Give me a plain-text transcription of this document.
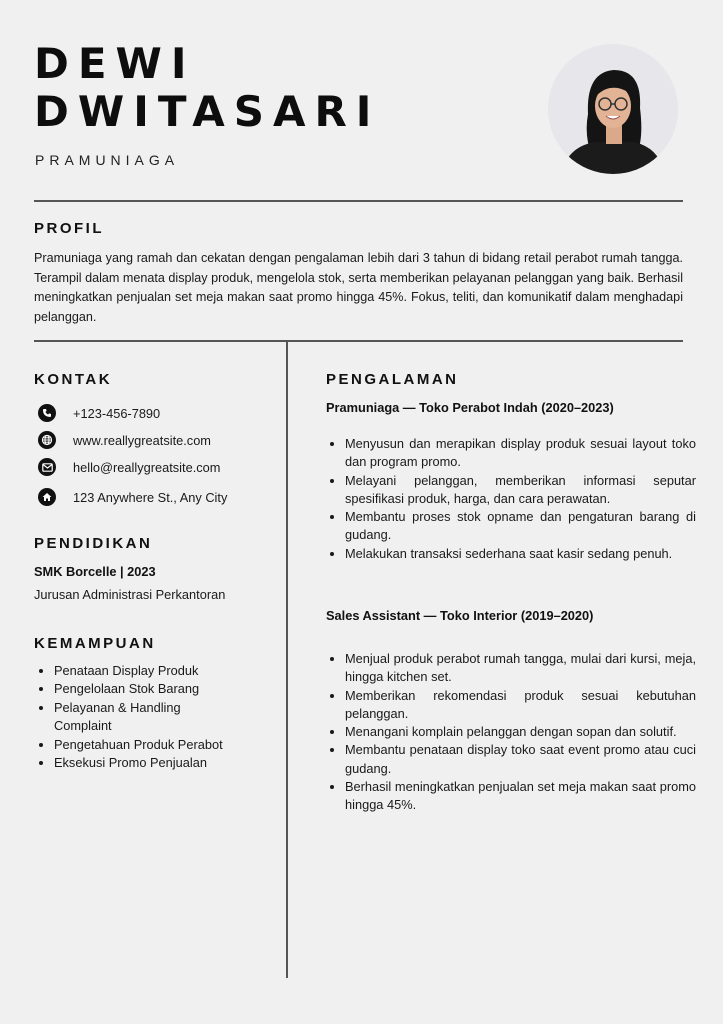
DEWI
DWITASARI
PRAMUNIAGA
PROFIL
Pramuniaga yang ramah dan cekatan dengan pengalaman lebih dari 3 tahun di bidang retail perabot rumah tangga. Terampil dalam menata display produk, mengelola stok, serta memberikan pelayanan pelanggan yang baik. Berhasil meningkatkan penjualan set meja makan saat promo hingga 45%. Fokus, teliti, dan komunikatif dalam menghadapi pelanggan.
KONTAK
+123-456-7890
www.reallygreatsite.com
hello@reallygreatsite.com
123 Anywhere St., Any City
PENDIDIKAN
SMK Borcelle | 2023
Jurusan Administrasi Perkantoran
KEMAMPUAN
• Penataan Display Produk
• Pengelolaan Stok Barang
• Pelayanan & Handling Complaint
• Pengetahuan Produk Perabot
• Eksekusi Promo Penjualan
PENGALAMAN
Pramuniaga — Toko Perabot Indah (2020–2023)
• Menyusun dan merapikan display produk sesuai layout toko dan program promo.
• Melayani pelanggan, memberikan informasi seputar spesifikasi produk, harga, dan cara perawatan.
• Membantu proses stok opname dan pengaturan barang di gudang.
• Melakukan transaksi sederhana saat kasir sedang penuh.
Sales Assistant — Toko Interior (2019–2020)
• Menjual produk perabot rumah tangga, mulai dari kursi, meja, hingga kitchen set.
• Memberikan rekomendasi produk sesuai kebutuhan pelanggan.
• Menangani komplain pelanggan dengan sopan dan solutif.
• Membantu penataan display toko saat event promo atau cuci gudang.
• Berhasil meningkatkan penjualan set meja makan saat promo hingga 45%.
